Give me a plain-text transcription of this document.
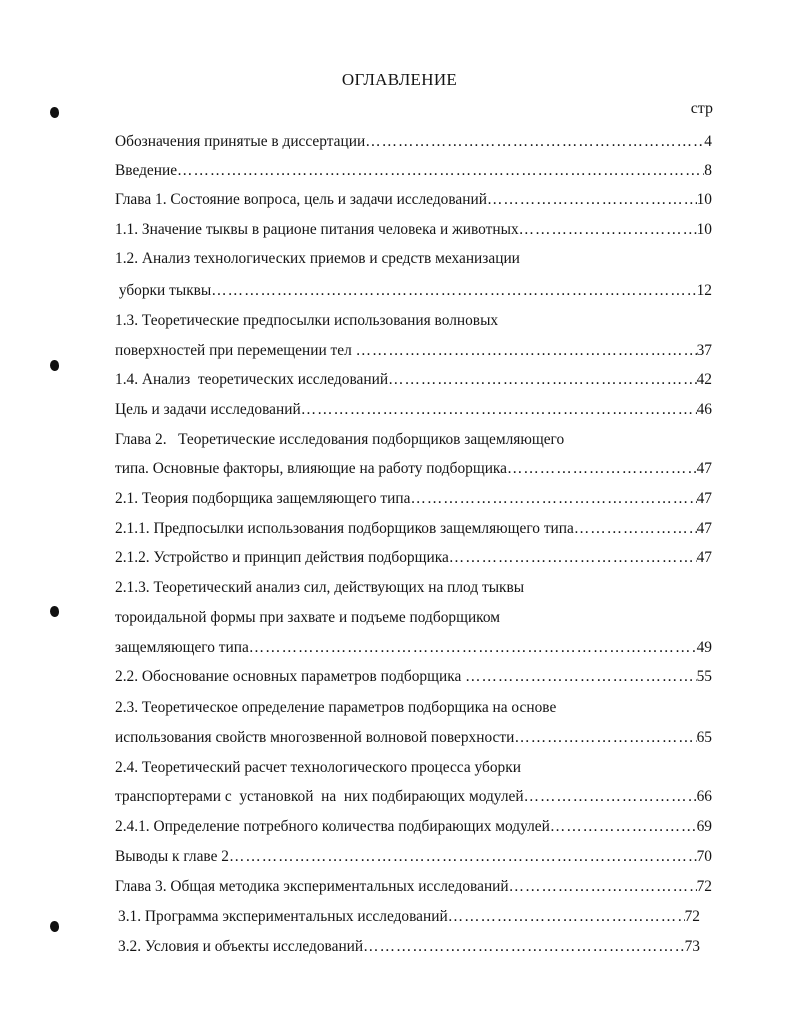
ОГЛАВЛЕНИЕ
стр
Обозначения принятые в диссертации …………………………………………………………………………………………………………………………………………………………………………	4
Введение …………………………………………………………………………………………………………………………………………………………………………	8
Глава 1. Состояние вопроса, цель и задачи исследований …………………………………………………………………………………………………………………………………………………………………………	10
1.1. Значение тыквы в рационе питания человека и животных …………………………………………………………………………………………………………………………………………………………………………	10
1.2. Анализ технологических приемов и средств механизации
уборки тыквы …………………………………………………………………………………………………………………………………………………………………………	12
1.3. Теоретические предпосылки использования волновых
поверхностей при перемещении тел …………………………………………………………………………………………………………………………………………………………………………	37
1.4. Анализ  теоретических исследований …………………………………………………………………………………………………………………………………………………………………………	42
Цель и задачи исследований …………………………………………………………………………………………………………………………………………………………………………	46
Глава 2.   Теоретические исследования подборщиков защемляющего
типа. Основные факторы, влияющие на работу подборщика …………………………………………………………………………………………………………………………………………………………………………	47
2.1. Теория подборщика защемляющего типа …………………………………………………………………………………………………………………………………………………………………………	47
2.1.1. Предпосылки использования подборщиков защемляющего типа …………………………………………………………………………………………………………………………………………………………………………	47
2.1.2. Устройство и принцип действия подборщика …………………………………………………………………………………………………………………………………………………………………………	47
2.1.3. Теоретический анализ сил, действующих на плод тыквы
тороидальной формы при захвате и подъеме подборщиком
защемляющего типа …………………………………………………………………………………………………………………………………………………………………………	49
2.2. Обоснование основных параметров подборщика …………………………………………………………………………………………………………………………………………………………………………	55
2.3. Теоретическое определение параметров подборщика на основе
использования свойств многозвенной волновой поверхности …………………………………………………………………………………………………………………………………………………………………………	65
2.4. Теоретический расчет технологического процесса уборки
транспортерами с  установкой  на  них подбирающих модулей …………………………………………………………………………………………………………………………………………………………………………	66
2.4.1. Определение потребного количества подбирающих модулей …………………………………………………………………………………………………………………………………………………………………………	69
Выводы к главе 2 …………………………………………………………………………………………………………………………………………………………………………	70
Глава 3. Общая методика экспериментальных исследований …………………………………………………………………………………………………………………………………………………………………………	72
3.1. Программа экспериментальных исследований …………………………………………………………………………………………………………………………………………………………………………	72
3.2. Условия и объекты исследований …………………………………………………………………………………………………………………………………………………………………………	73
